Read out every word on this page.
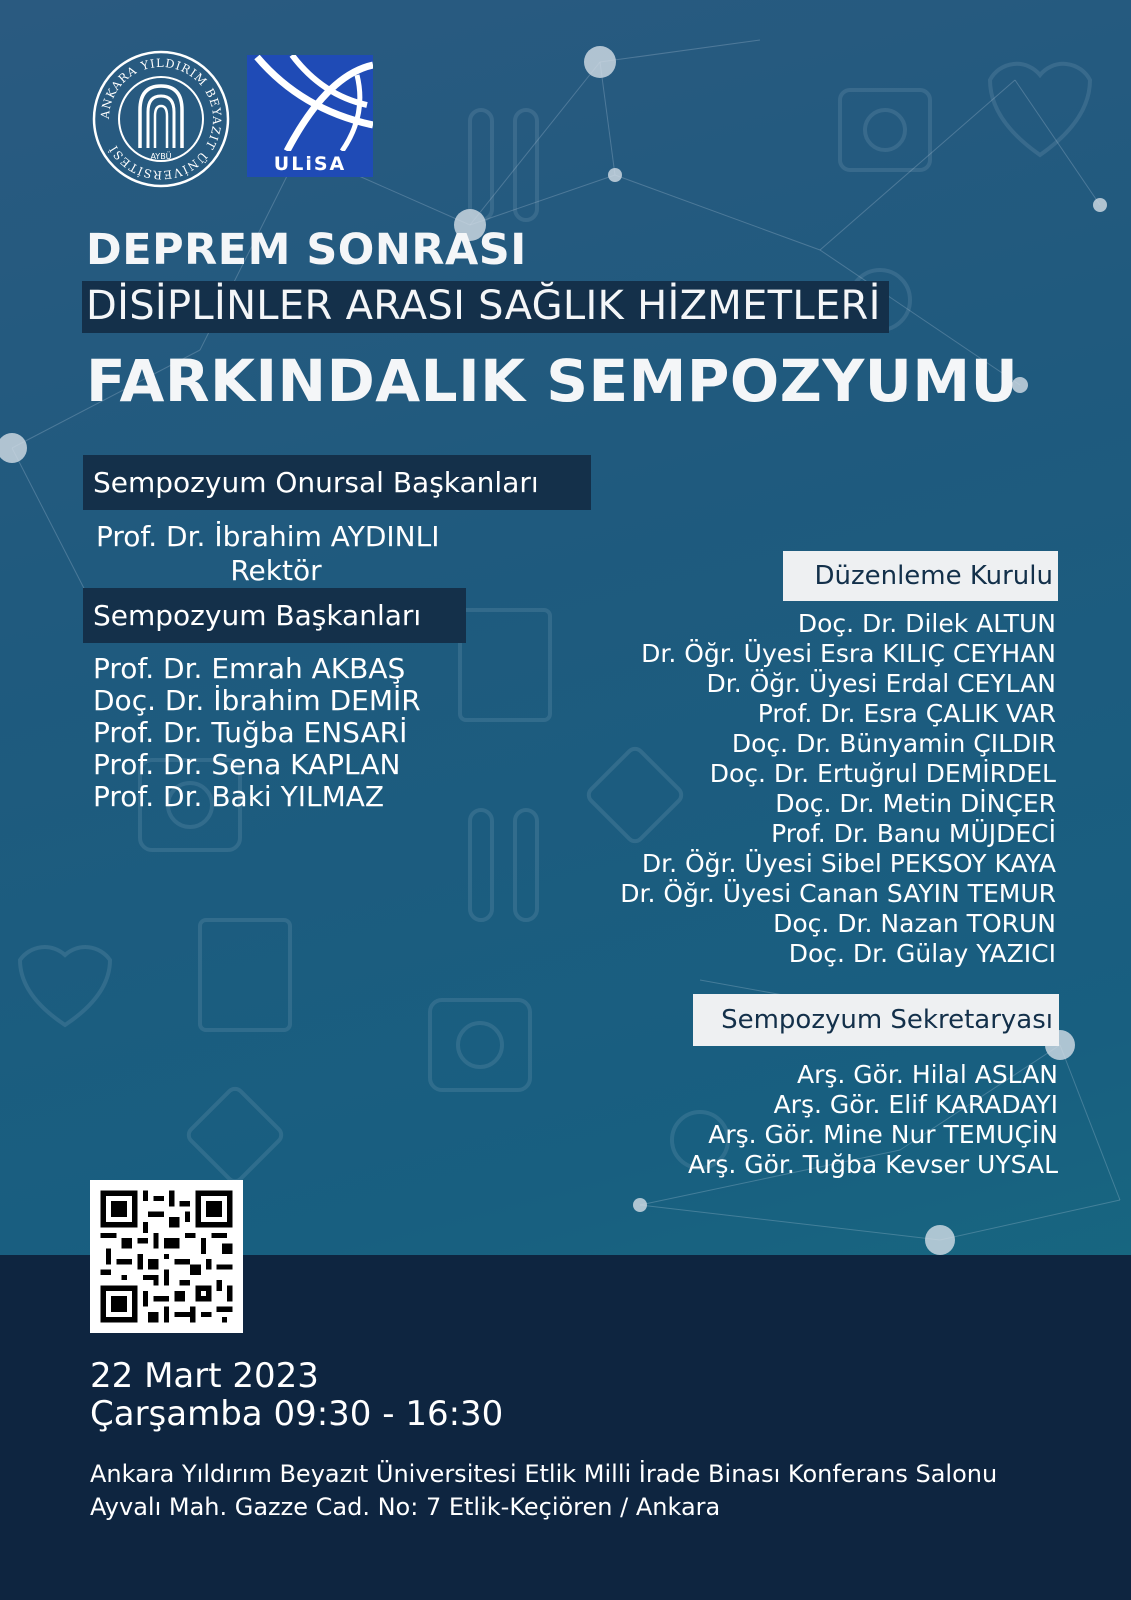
ANKARA YILDIRIM BEYAZIT ÜNİVERSİTESİ
AYBÜ	ULiSA
DEPREM SONRASI
DİSİPLİNLER ARASI SAĞLIK HİZMETLERİ
FARKINDALIK SEMPOZYUMU
Sempozyum Onursal Başkanları
Prof. Dr. İbrahim AYDINLI
Rektör
Sempozyum Başkanları
Prof. Dr. Emrah AKBAŞ
Doç. Dr. İbrahim DEMİR
Prof. Dr. Tuğba ENSARİ
Prof. Dr. Sena KAPLAN
Prof. Dr. Baki YILMAZ
Düzenleme Kurulu
Doç. Dr. Dilek ALTUN
Dr. Öğr. Üyesi Esra KILIÇ CEYHAN
Dr. Öğr. Üyesi Erdal CEYLAN
Prof. Dr. Esra ÇALIK VAR
Doç. Dr. Bünyamin ÇILDIR
Doç. Dr. Ertuğrul DEMİRDEL
Doç. Dr. Metin DİNÇER
Prof. Dr. Banu MÜJDECİ
Dr. Öğr. Üyesi Sibel PEKSOY KAYA
Dr. Öğr. Üyesi Canan SAYIN TEMUR
Doç. Dr. Nazan TORUN
Doç. Dr. Gülay YAZICI
Sempozyum Sekretaryası
Arş. Gör. Hilal ASLAN
Arş. Gör. Elif KARADAYI
Arş. Gör. Mine Nur TEMUÇİN
Arş. Gör. Tuğba Kevser UYSAL
22 Mart 2023
Çarşamba 09:30 - 16:30
Ankara Yıldırım Beyazıt Üniversitesi Etlik Milli İrade Binası Konferans Salonu
Ayvalı Mah. Gazze Cad. No: 7 Etlik-Keçiören / Ankara
